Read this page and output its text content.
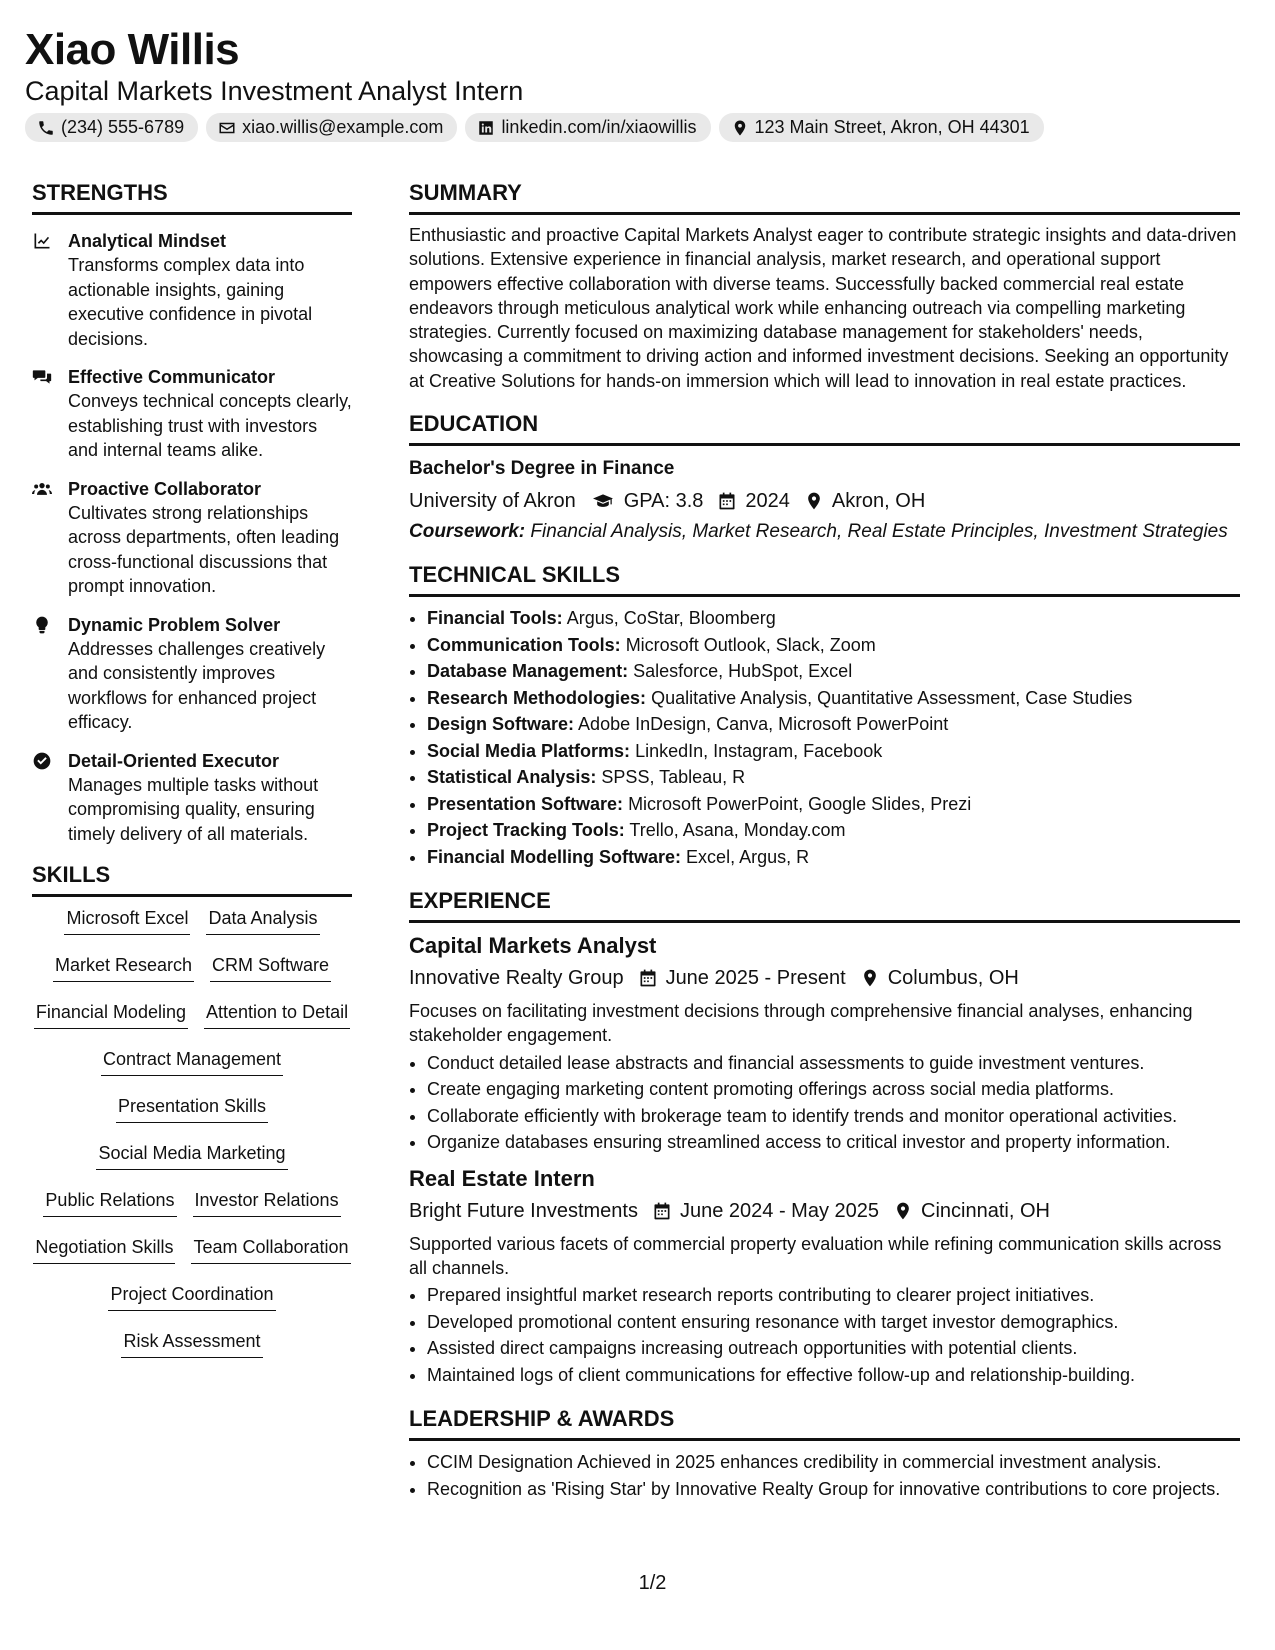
Xiao Willis
Capital Markets Investment Analyst Intern
(234) 555-6789	xiao.willis@example.com	linkedin.com/in/xiaowillis	123 Main Street, Akron, OH 44301
STRENGTHS
Analytical Mindset
Transforms complex data into actionable insights, gaining executive confidence in pivotal decisions.
Effective Communicator
Conveys technical concepts clearly, establishing trust with investors and internal teams alike.
Proactive Collaborator
Cultivates strong relationships across departments, often leading cross-functional discussions that prompt innovation.
Dynamic Problem Solver
Addresses challenges creatively and consistently improves workflows for enhanced project efficacy.
Detail-Oriented Executor
Manages multiple tasks without compromising quality, ensuring timely delivery of all materials.
SKILLS
Microsoft Excel Data Analysis
Market Research CRM Software
Financial Modeling Attention to Detail
Contract Management
Presentation Skills
Social Media Marketing
Public Relations Investor Relations
Negotiation Skills Team Collaboration
Project Coordination
Risk Assessment
SUMMARY

Enthusiastic and proactive Capital Markets Analyst eager to contribute strategic insights and data-driven solutions. Extensive experience in financial analysis, market research, and operational support empowers effective collaboration with diverse teams. Successfully backed commercial real estate endeavors through meticulous analytical work while enhancing outreach via compelling marketing strategies. Currently focused on maximizing database management for stakeholders' needs, showcasing a commitment to driving action and informed investment decisions. Seeking an opportunity at Creative Solutions for hands-on immersion which will lead to innovation in real estate practices.

EDUCATION
Bachelor's Degree in Finance
University of Akron GPA: 3.8 2024 Akron, OH
Coursework: Financial Analysis, Market Research, Real Estate Principles, Investment Strategies
TECHNICAL SKILLS
• Financial Tools: Argus, CoStar, Bloomberg
• Communication Tools: Microsoft Outlook, Slack, Zoom
• Database Management: Salesforce, HubSpot, Excel
• Research Methodologies: Qualitative Analysis, Quantitative Assessment, Case Studies
• Design Software: Adobe InDesign, Canva, Microsoft PowerPoint
• Social Media Platforms: LinkedIn, Instagram, Facebook
• Statistical Analysis: SPSS, Tableau, R
• Presentation Software: Microsoft PowerPoint, Google Slides, Prezi
• Project Tracking Tools: Trello, Asana, Monday.com
• Financial Modelling Software: Excel, Argus, R
EXPERIENCE
Capital Markets Analyst
Innovative Realty Group June 2025 - Present Columbus, OH

Focuses on facilitating investment decisions through comprehensive financial analyses, enhancing stakeholder engagement.

• Conduct detailed lease abstracts and financial assessments to guide investment ventures.
• Create engaging marketing content promoting offerings across social media platforms.
• Collaborate efficiently with brokerage team to identify trends and monitor operational activities.
• Organize databases ensuring streamlined access to critical investor and property information.
Real Estate Intern
Bright Future Investments June 2024 - May 2025 Cincinnati, OH

Supported various facets of commercial property evaluation while refining communication skills across all channels.

• Prepared insightful market research reports contributing to clearer project initiatives.
• Developed promotional content ensuring resonance with target investor demographics.
• Assisted direct campaigns increasing outreach opportunities with potential clients.
• Maintained logs of client communications for effective follow-up and relationship-building.
LEADERSHIP & AWARDS
• CCIM Designation Achieved in 2025 enhances credibility in commercial investment analysis.
• Recognition as 'Rising Star' by Innovative Realty Group for innovative contributions to core projects.
1/2
